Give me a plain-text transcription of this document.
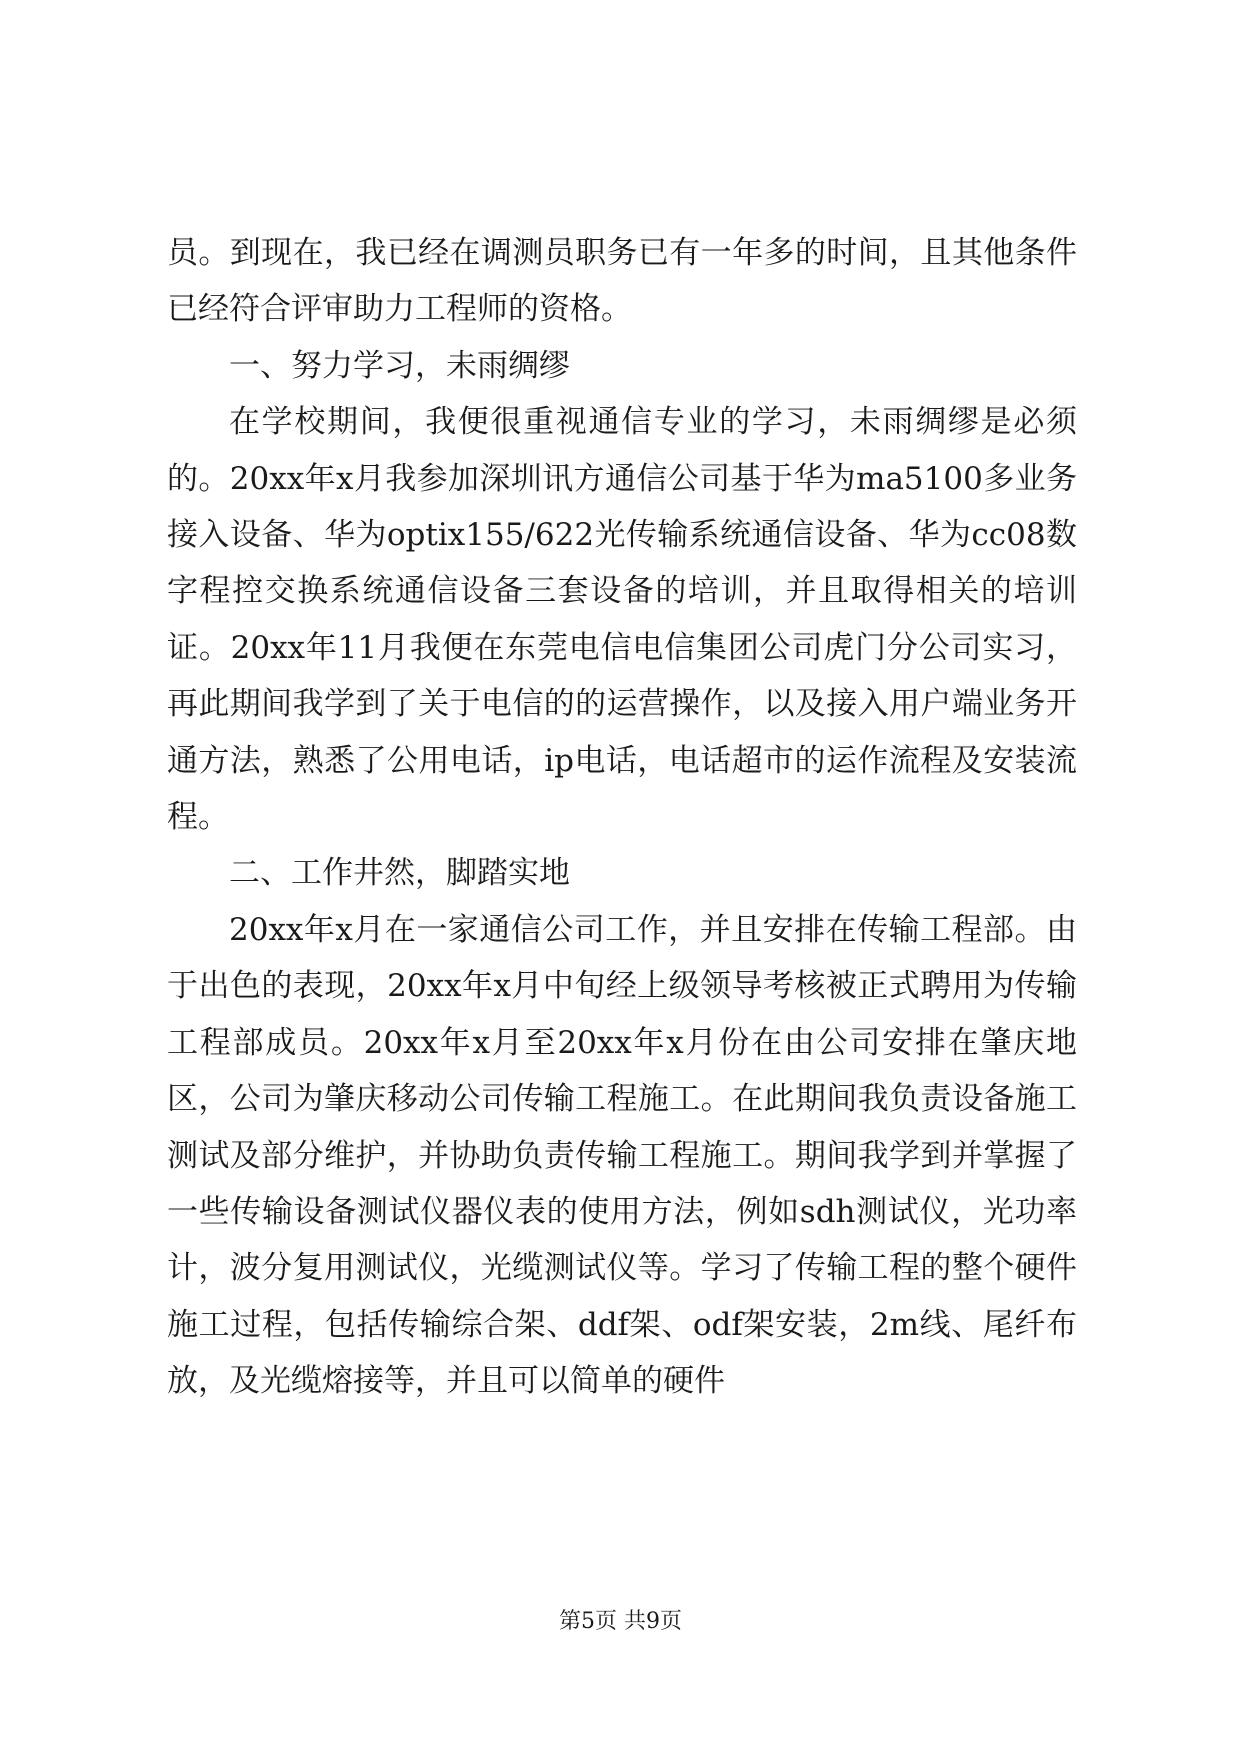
员。到现在，我已经在调测员职务已有一年多的时间，且其他条件已经符合评审助力工程师的资格。

一、努力学习，未雨绸缪

在学校期间，我便很重视通信专业的学习，未雨绸缪是必须的。20xx年x月我参加深圳讯方通信公司基于华为ma5100多业务接入设备、华为optix155/622光传输系统通信设备、华为cc08数字程控交换系统通信设备三套设备的培训，并且取得相关的培训证。20xx年11月我便在东莞电信电信集团公司虎门分公司实习，再此期间我学到了关于电信的的运营操作，以及接入用户端业务开通方法，熟悉了公用电话，ip电话，电话超市的运作流程及安装流程。

二、工作井然，脚踏实地

20xx年x月在一家通信公司工作，并且安排在传输工程部。由于出色的表现，20xx年x月中旬经上级领导考核被正式聘用为传输工程部成员。20xx年x月至20xx年x月份在由公司安排在肇庆地区，公司为肇庆移动公司传输工程施工。在此期间我负责设备施工测试及部分维护，并协助负责传输工程施工。期间我学到并掌握了一些传输设备测试仪器仪表的使用方法，例如sdh测试仪，光功率计，波分复用测试仪，光缆测试仪等。学习了传输工程的整个硬件施工过程，包括传输综合架、ddf架、odf架安装，2m线、尾纤布放，及光缆熔接等，并且可以简单的硬件

第5页 共9页
